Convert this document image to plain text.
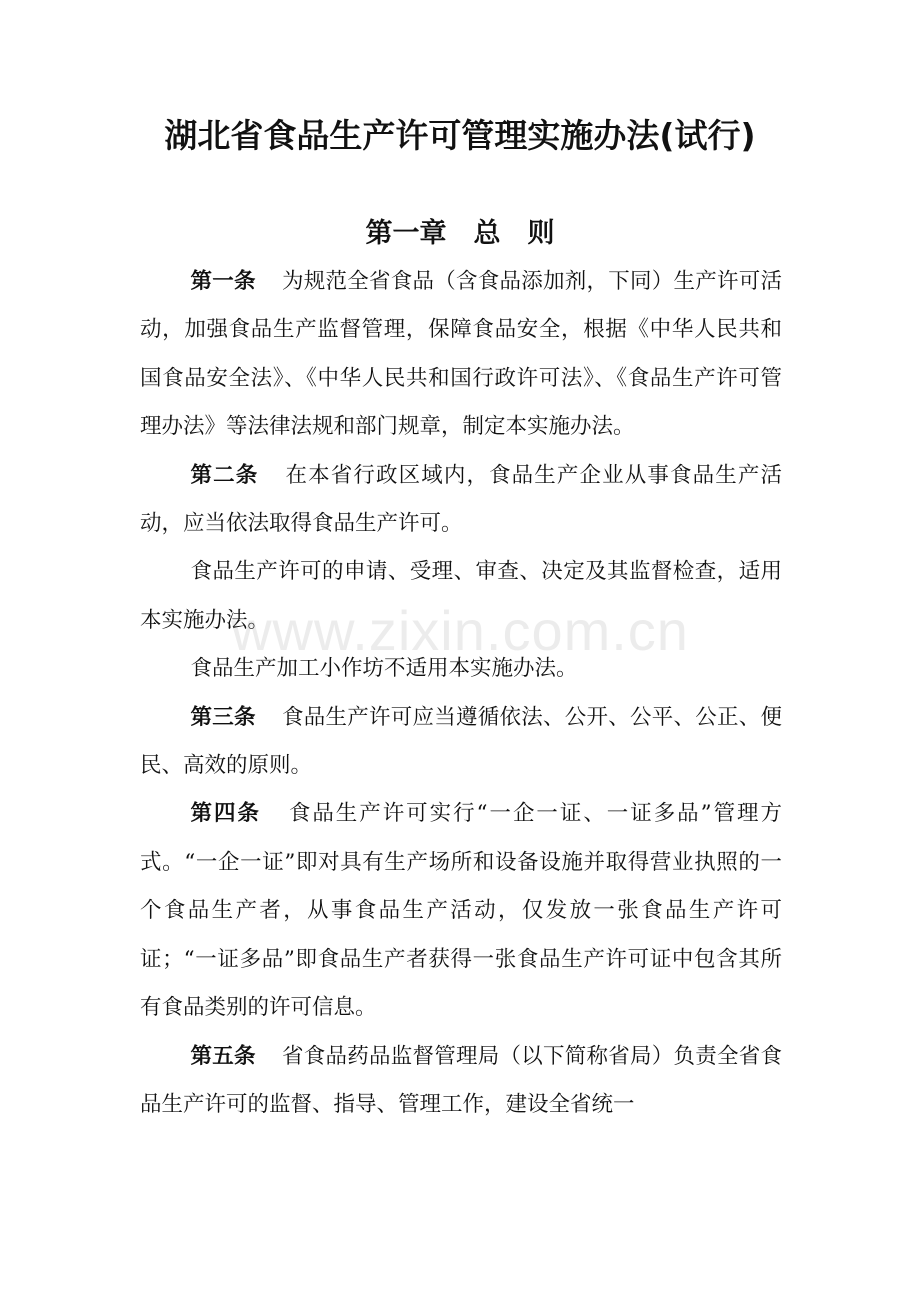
湖北省食品生产许可管理实施办法(试行)
第一章 总 则

第一条 为规范全省食品（含食品添加剂，下同）生产许可活动，加强食品生产监督管理，保障食品安全，根据《中华人民共和国食品安全法》、《中华人民共和国行政许可法》、《食品生产许可管理办法》等法律法规和部门规章，制定本实施办法。

第二条 在本省行政区域内，食品生产企业从事食品生产活动，应当依法取得食品生产许可。

食品生产许可的申请、受理、审查、决定及其监督检查，适用本实施办法。

食品生产加工小作坊不适用本实施办法。

第三条 食品生产许可应当遵循依法、公开、公平、公正、便民、高效的原则。

第四条 食品生产许可实行“一企一证、一证多品”管理方式。“一企一证”即对具有生产场所和设备设施并取得营业执照的一个食品生产者，从事食品生产活动，仅发放一张食品生产许可证；“一证多品”即食品生产者获得一张食品生产许可证中包含其所有食品类别的许可信息。

第五条 省食品药品监督管理局（以下简称省局）负责全省食品生产许可的监督、指导、管理工作，建设全省统一

www.zixin.com.cn
